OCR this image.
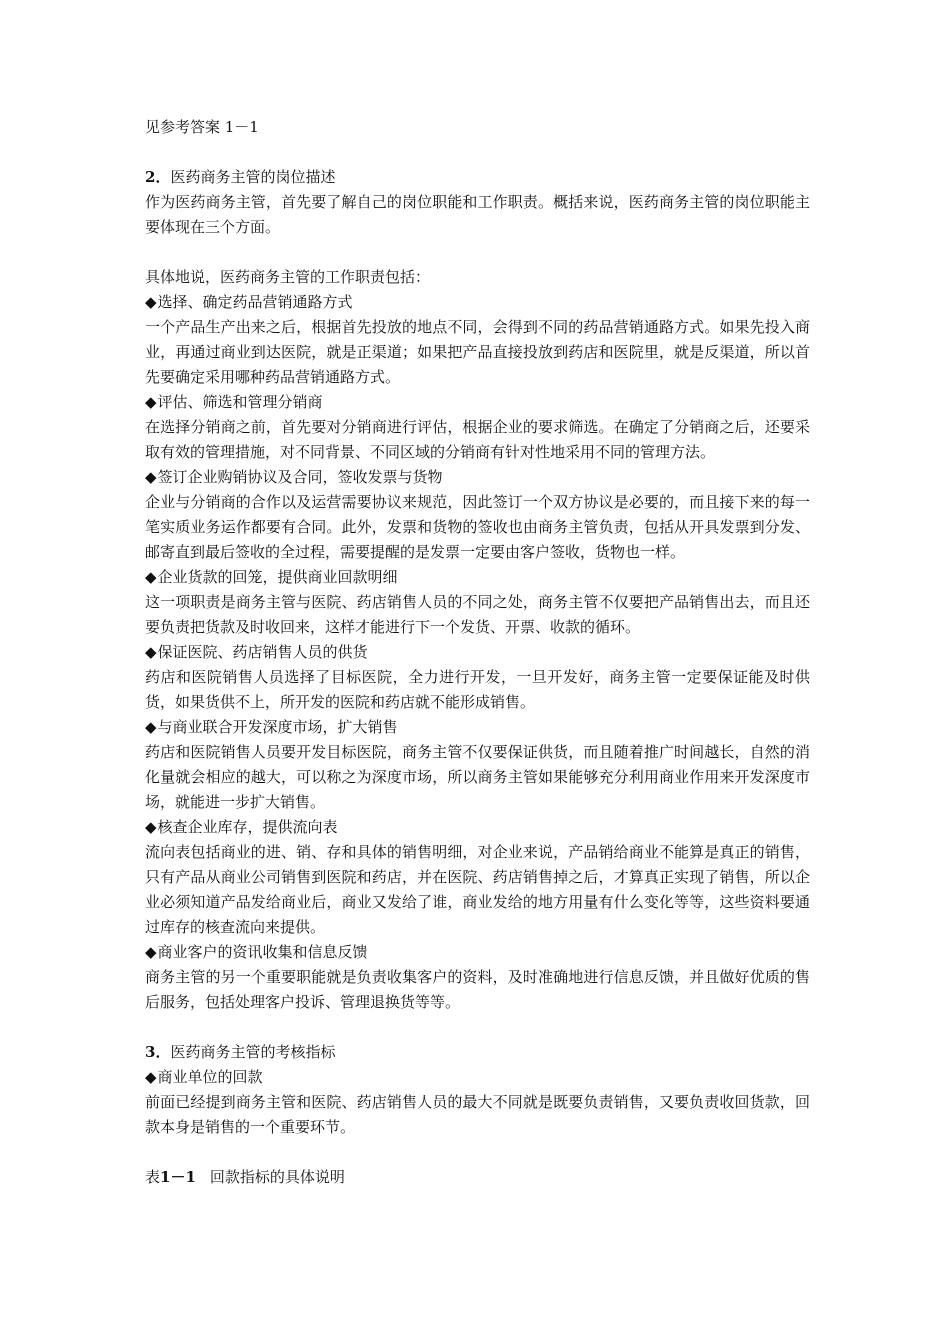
见参考答案 1－1
2．医药商务主管的岗位描述
作为医药商务主管，首先要了解自己的岗位职能和工作职责。概括来说，医药商务主管的岗位职能主要体现在三个方面。
具体地说，医药商务主管的工作职责包括：
◆选择、确定药品营销通路方式
一个产品生产出来之后，根据首先投放的地点不同，会得到不同的药品营销通路方式。如果先投入商业，再通过商业到达医院，就是正渠道；如果把产品直接投放到药店和医院里，就是反渠道，所以首先要确定采用哪种药品营销通路方式。
◆评估、筛选和管理分销商
在选择分销商之前，首先要对分销商进行评估，根据企业的要求筛选。在确定了分销商之后，还要采取有效的管理措施，对不同背景、不同区域的分销商有针对性地采用不同的管理方法。
◆签订企业购销协议及合同，签收发票与货物
企业与分销商的合作以及运营需要协议来规范，因此签订一个双方协议是必要的，而且接下来的每一笔实质业务运作都要有合同。此外，发票和货物的签收也由商务主管负责，包括从开具发票到分发、邮寄直到最后签收的全过程，需要提醒的是发票一定要由客户签收，货物也一样。
◆企业货款的回笼，提供商业回款明细
这一项职责是商务主管与医院、药店销售人员的不同之处，商务主管不仅要把产品销售出去，而且还要负责把货款及时收回来，这样才能进行下一个发货、开票、收款的循环。
◆保证医院、药店销售人员的供货
药店和医院销售人员选择了目标医院，全力进行开发，一旦开发好，商务主管一定要保证能及时供货，如果货供不上，所开发的医院和药店就不能形成销售。
◆与商业联合开发深度市场，扩大销售
药店和医院销售人员要开发目标医院，商务主管不仅要保证供货，而且随着推广时间越长，自然的消化量就会相应的越大，可以称之为深度市场，所以商务主管如果能够充分利用商业作用来开发深度市场，就能进一步扩大销售。
◆核查企业库存，提供流向表
流向表包括商业的进、销、存和具体的销售明细，对企业来说，产品销给商业不能算是真正的销售，只有产品从商业公司销售到医院和药店，并在医院、药店销售掉之后，才算真正实现了销售，所以企业必须知道产品发给商业后，商业又发给了谁，商业发给的地方用量有什么变化等等，这些资料要通过库存的核查流向来提供。
◆商业客户的资讯收集和信息反馈
商务主管的另一个重要职能就是负责收集客户的资料，及时准确地进行信息反馈，并且做好优质的售后服务，包括处理客户投诉、管理退换货等等。
3．医药商务主管的考核指标
◆商业单位的回款
前面已经提到商务主管和医院、药店销售人员的最大不同就是既要负责销售，又要负责收回货款，回款本身是销售的一个重要环节。
表1－1 回款指标的具体说明
